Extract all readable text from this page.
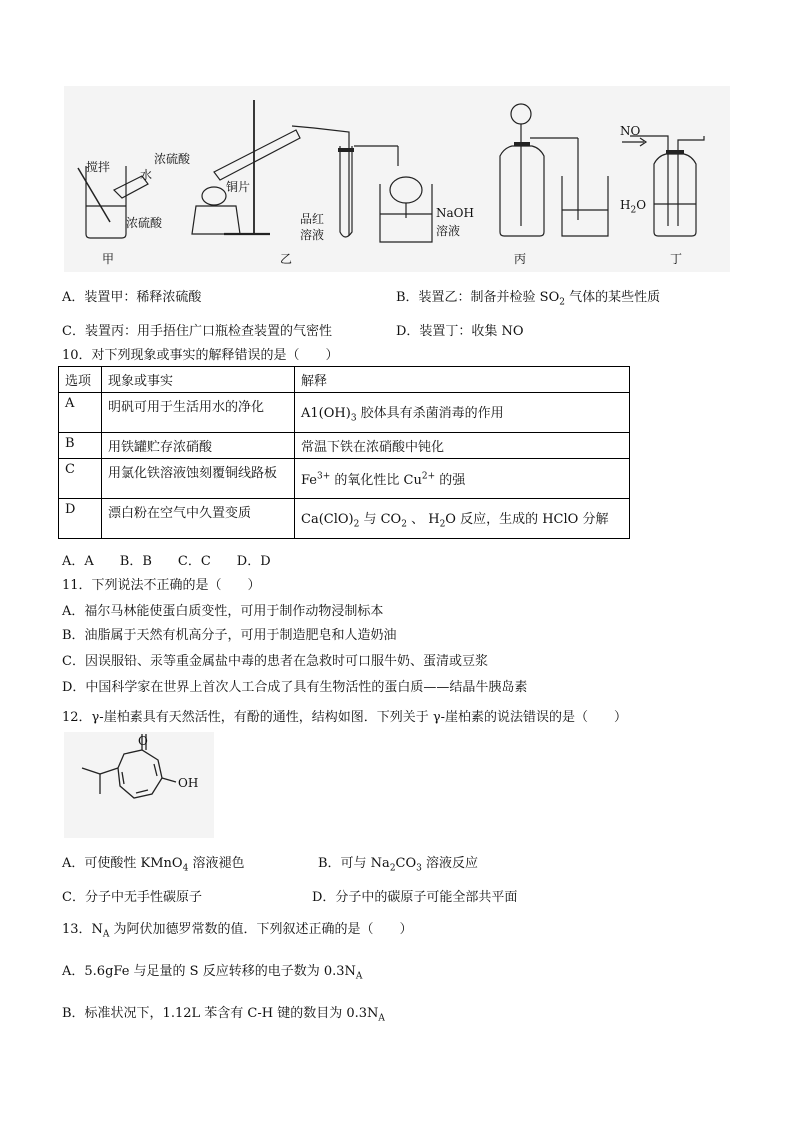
搅拌
水
浓硫酸
浓硫酸
铜片
品红
溶液
NaOH
溶液
NO
$H_2O$
甲	乙	丙	丁
A．装置甲：稀释浓硫酸	B．装置乙：制备并检验 $SO_2$ 气体的某些性质
C．装置丙：用手捂住广口瓶检查装置的气密性	D．装置丁：收集 NO
10．对下列现象或事实的解释错误的是（　　）
选项	现象或事实	解释
A	明矾可用于生活用水的净化	$A1(OH)_3$ 胶体具有杀菌消毒的作用
B	用铁罐贮存浓硝酸	常温下铁在浓硝酸中钝化
C	用氯化铁溶液蚀刻覆铜线路板	$Fe^{3+}$ 的氧化性比 $Cu^{2+}$ 的强
D	漂白粉在空气中久置变质	$Ca(ClO)_2$ 与 $CO_2$ 、 $H_2O$ 反应，生成的 HClO 分解
A．A　　B．B　　C．C　　D．D
11．下列说法不正确的是（　　）
A．福尔马林能使蛋白质变性，可用于制作动物浸制标本
B．油脂属于天然有机高分子，可用于制造肥皂和人造奶油
C．因误服铅、汞等重金属盐中毒的患者在急救时可口服牛奶、蛋清或豆浆
D．中国科学家在世界上首次人工合成了具有生物活性的蛋白质——结晶牛胰岛素
12．γ-崖柏素具有天然活性，有酚的通性，结构如图．下列关于 γ-崖柏素的说法错误的是（　　）
O
OH
A．可使酸性 KMnO$_4$ 溶液褪色	B．可与 $Na_2CO_3$ 溶液反应
C．分子中无手性碳原子	D．分子中的碳原子可能全部共平面
13．$N_A$ 为阿伏加德罗常数的值．下列叙述正确的是（　　）
A．5.6gFe 与足量的 S 反应转移的电子数为 $0.3N_A$
B．标准状况下，1.12L 苯含有 C-H 键的数目为 $0.3N_A$
